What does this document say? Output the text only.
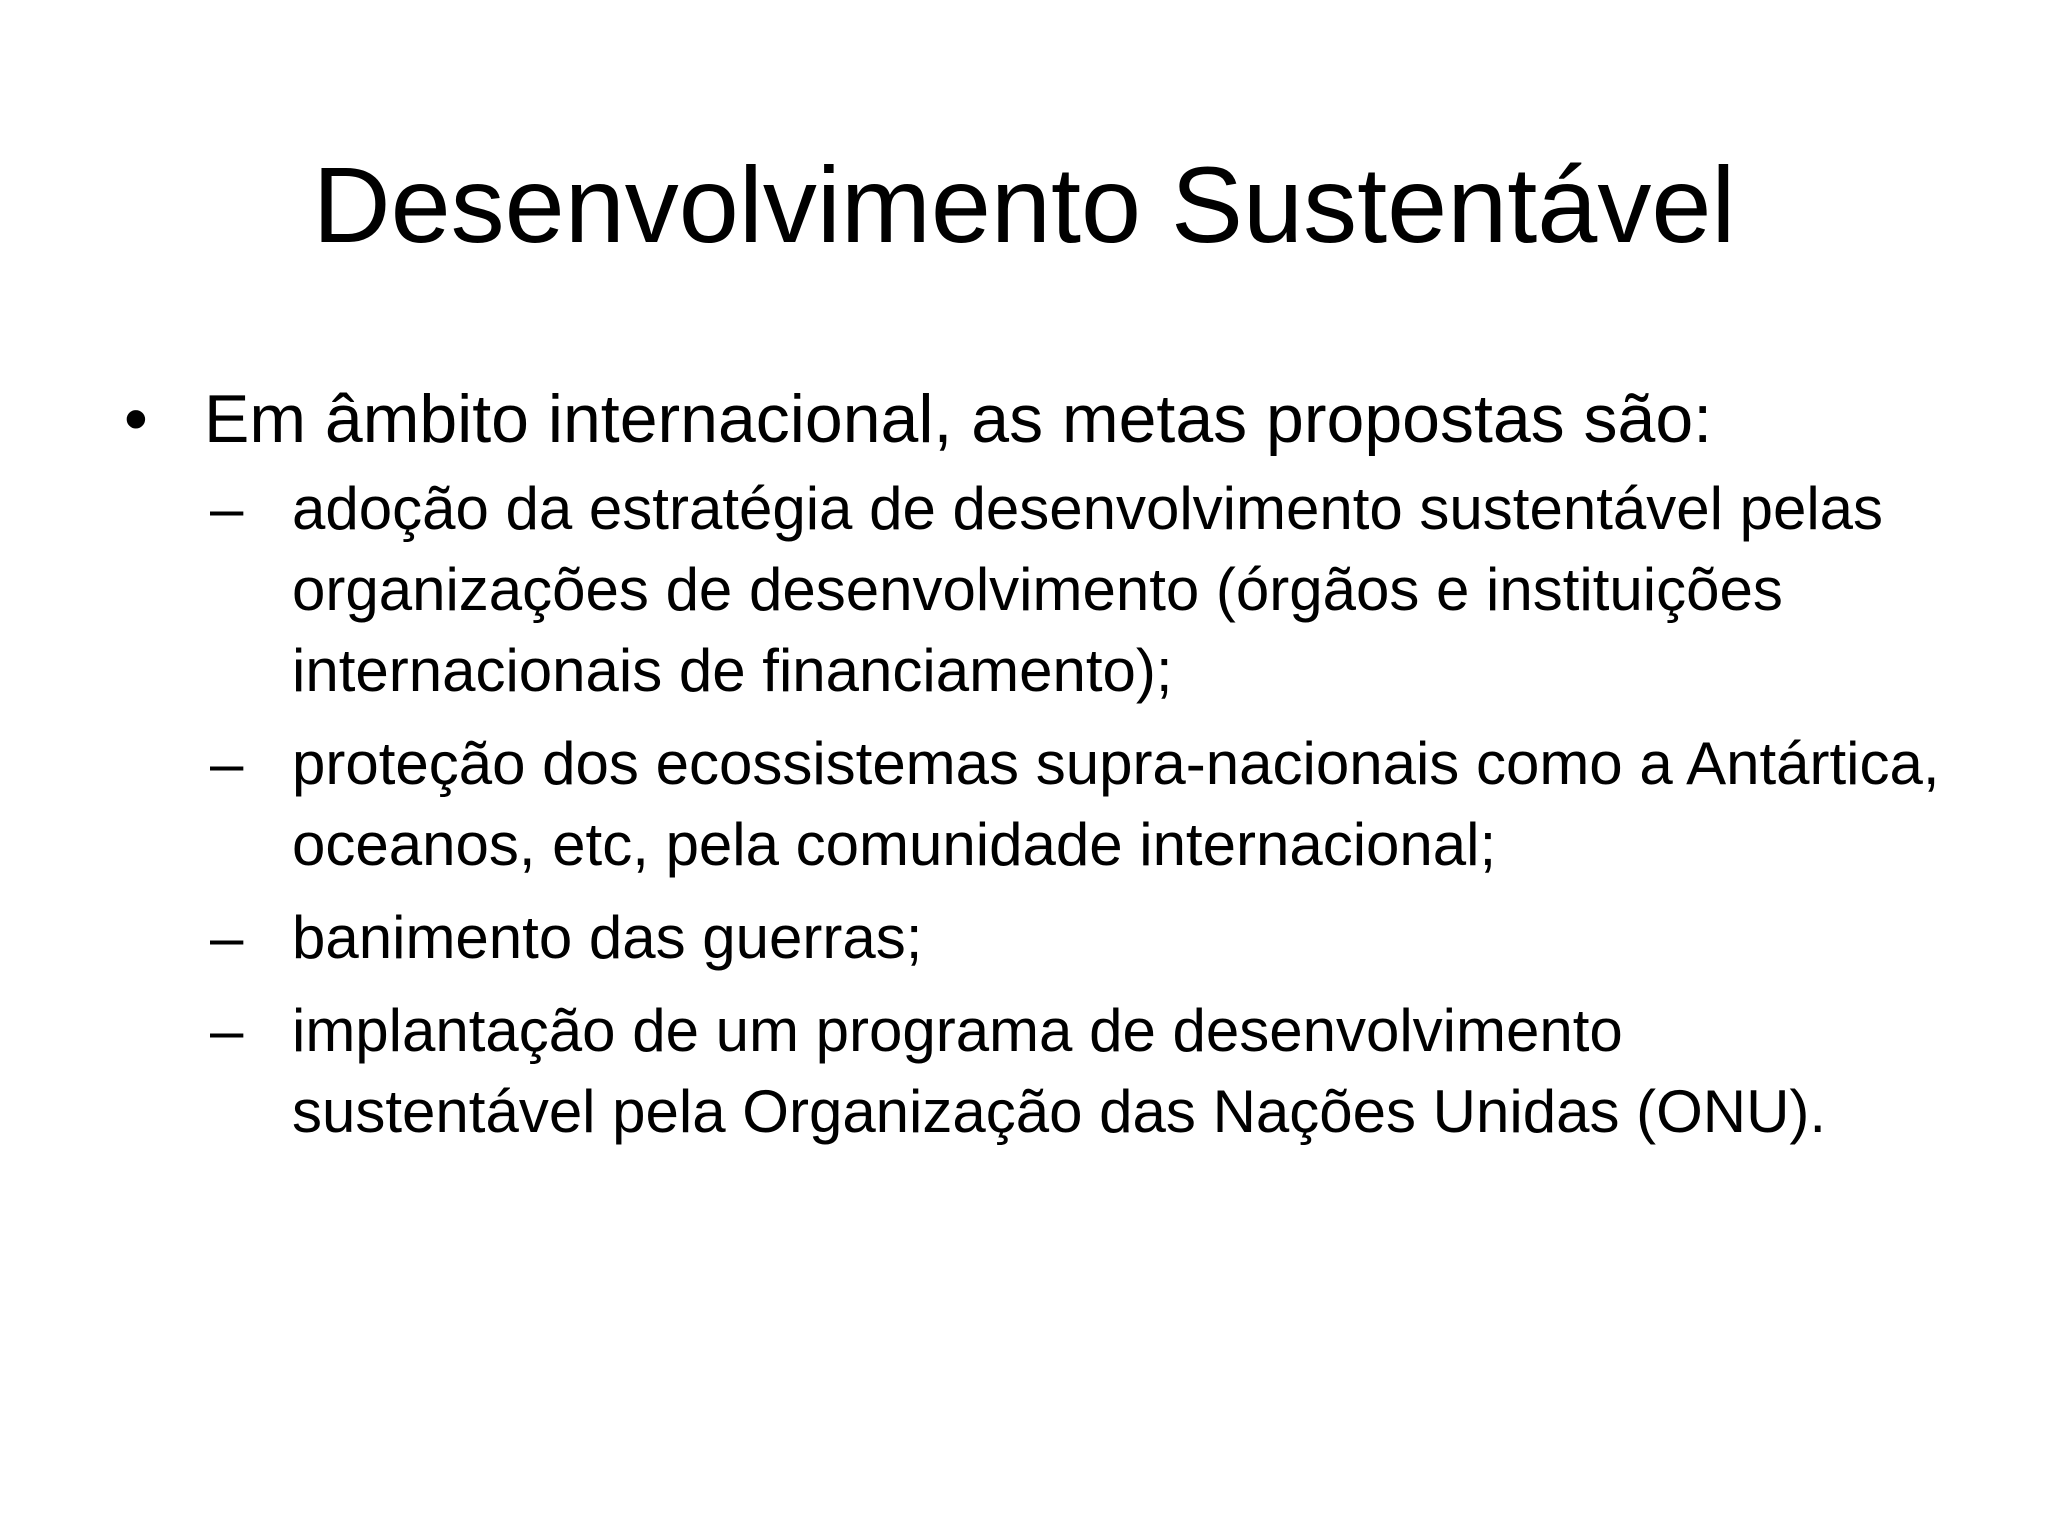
Desenvolvimento Sustentável
• Em âmbito internacional, as metas propostas são:
– adoção da estratégia de desenvolvimento sustentável pelas organizações de desenvolvimento (órgãos e instituições internacionais de financiamento);
– proteção dos ecossistemas supra-nacionais como a Antártica, oceanos, etc, pela comunidade internacional;
– banimento das guerras;
– implantação de um programa de desenvolvimento sustentável pela Organização das Nações Unidas (ONU).
